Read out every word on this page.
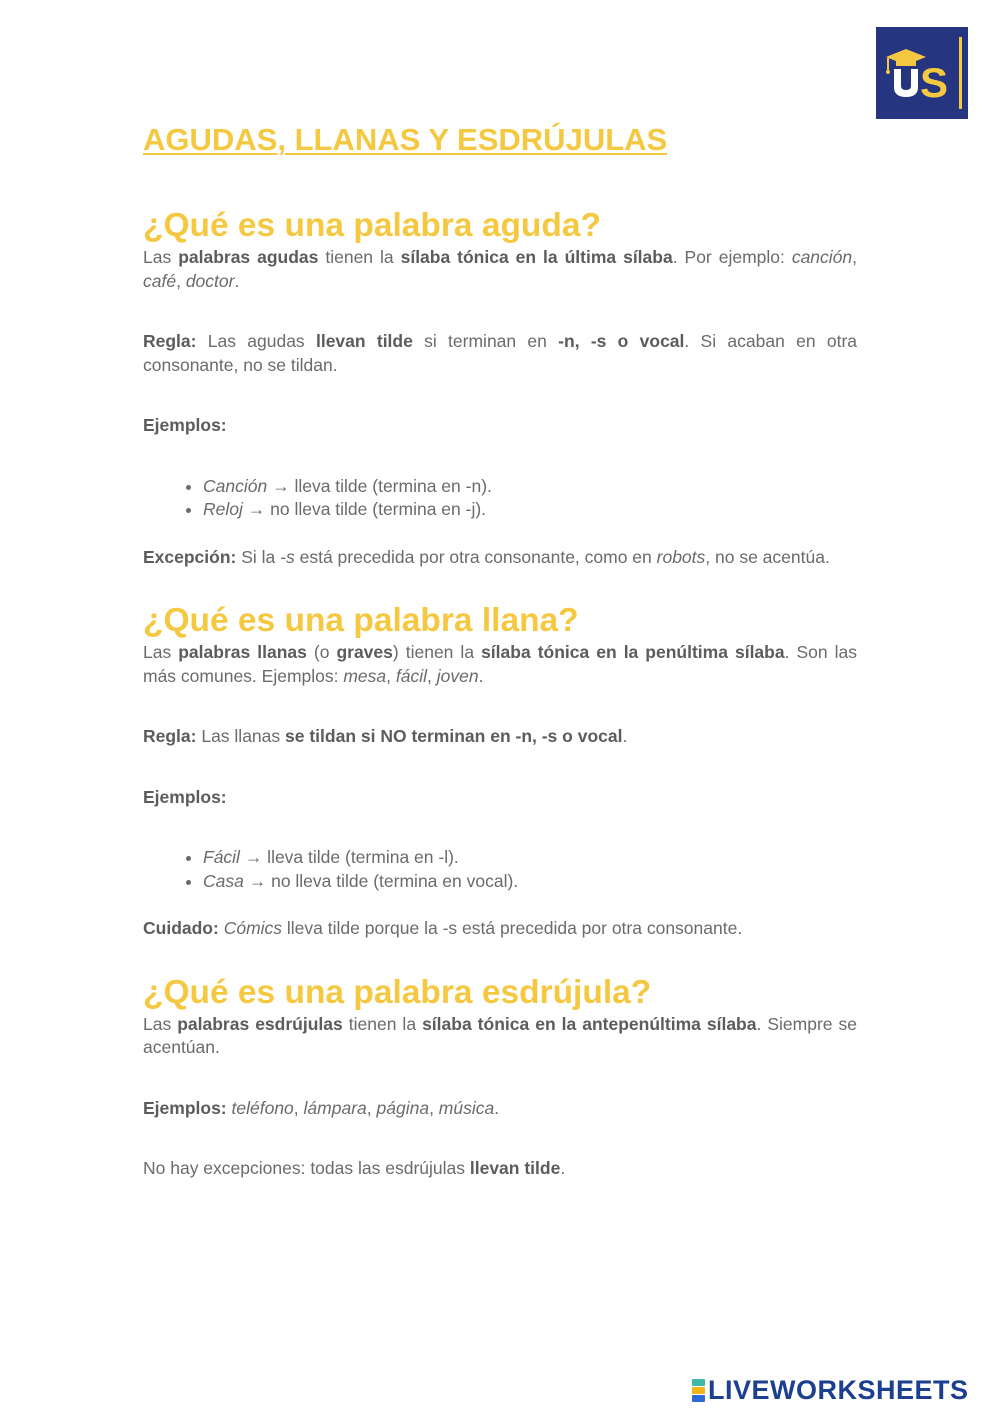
S
AGUDAS, LLANAS Y ESDRÚJULAS
¿Qué es una palabra aguda?

Las palabras agudas tienen la sílaba tónica en la última sílaba. Por ejemplo: canción, café, doctor.

Regla: Las agudas llevan tilde si terminan en -n, -s o vocal. Si acaban en otra consonante, no se tildan.

Ejemplos:

• Canción → lleva tilde (termina en -n).
• Reloj → no lleva tilde (termina en -j).

Excepción: Si la -s está precedida por otra consonante, como en robots, no se acentúa.

¿Qué es una palabra llana?

Las palabras llanas (o graves) tienen la sílaba tónica en la penúltima sílaba. Son las más comunes. Ejemplos: mesa, fácil, joven.

Regla: Las llanas se tildan si NO terminan en -n, -s o vocal.

Ejemplos:

• Fácil → lleva tilde (termina en -l).
• Casa → no lleva tilde (termina en vocal).

Cuidado: Cómics lleva tilde porque la -s está precedida por otra consonante.

¿Qué es una palabra esdrújula?

Las palabras esdrújulas tienen la sílaba tónica en la antepenúltima sílaba. Siempre se acentúan.

Ejemplos: teléfono, lámpara, página, música.

No hay excepciones: todas las esdrújulas llevan tilde.

LIVEWORKSHEETS
